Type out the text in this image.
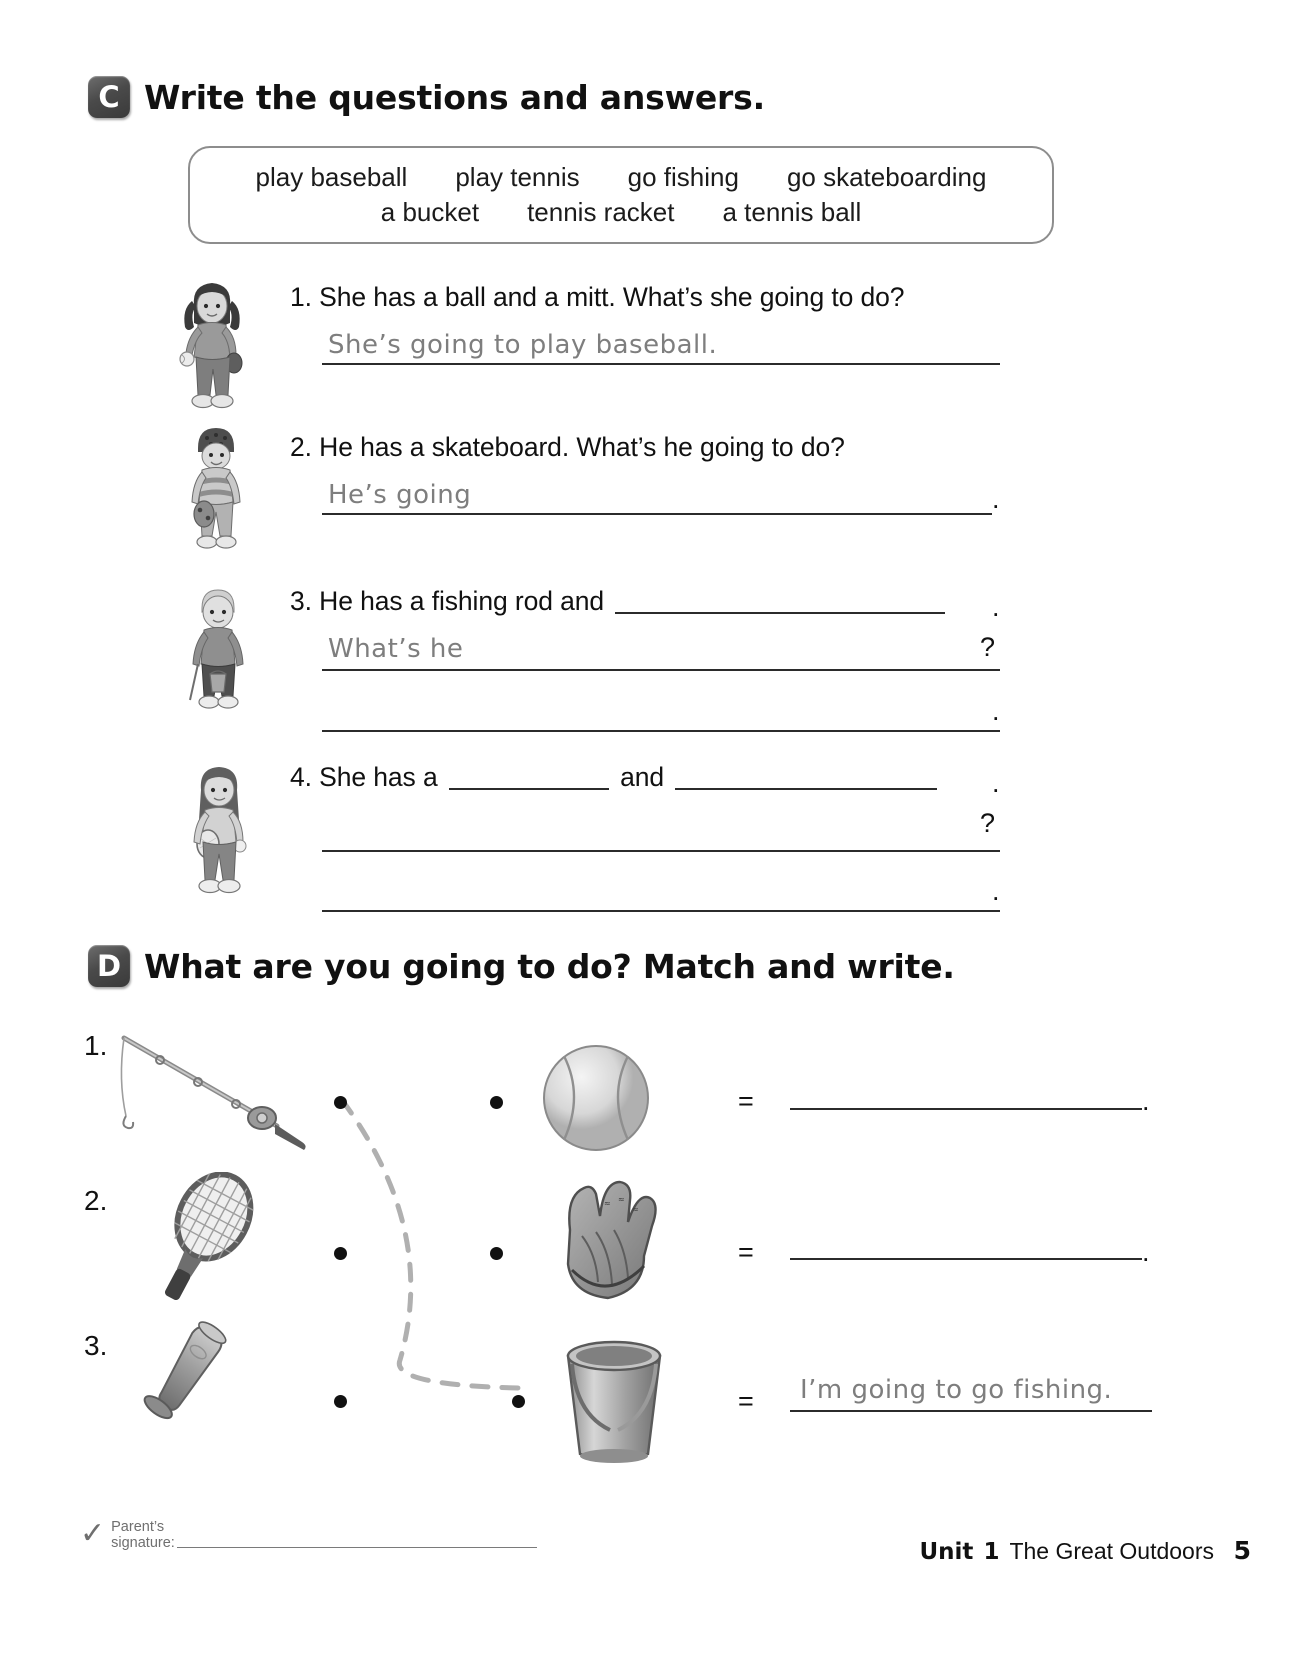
C Write the questions and answers.
play baseball play tennis go fishing go skateboarding
a bucket tennis racket a tennis ball
1. She has a ball and a mitt. What’s she going to do?
She’s going to play baseball.
2. He has a skateboard. What’s he going to do?
He’s going	.
3. He has a fishing rod and	.
What’s he	?
.
4. She has a	and	.
?
.
D What are you going to do? Match and write.
1.
=	.
2.	≈ ≈
≈
=	.
3.
= I’m going to go fishing.
✓ Parent’s
signature:	Unit 1 The Great Outdoors 5
